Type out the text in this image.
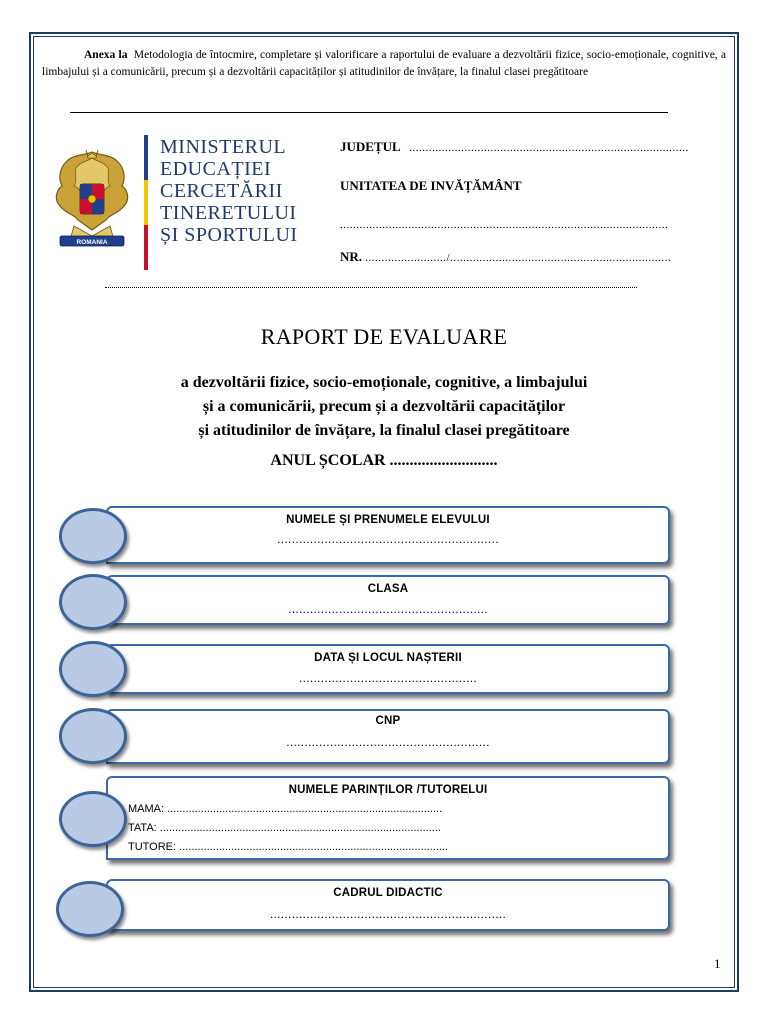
Anexa la Metodologia de întocmire, completare și valorificare a raportului de evaluare a dezvoltării fizice, socio-emoționale, cognitive, a limbajului și a comunicării, precum și a dezvoltării capacităților și atitudinilor de învățare, la finalul clasei pregătitoare
ROMANIA
MINISTERUL
EDUCAȚIEI
CERCETĂRII
TINERETULUI
ȘI SPORTULUI
JUDEȚUL ......................................................................................
UNITATEA DE INVĂȚĂMÂNT
.....................................................................................................
NR. ........................./....................................................................
RAPORT DE EVALUARE
a dezvoltării fizice, socio-emoționale, cognitive, a limbajului
și a comunicării, precum și a dezvoltării capacităților
și atitudinilor de învățare, la finalul clasei pregătitoare
ANUL ȘCOLAR ...........................
NUMELE ȘI PRENUMELE ELEVULUI
.............................................................
CLASA
.......................................................
DATA ȘI LOCUL NAȘTERII
.................................................
CNP
........................................................
NUMELE PARINȚILOR /TUTORELUI
MAMA: ..........................................................................................
TATA: ............................................................................................
TUTORE: ........................................................................................
CADRUL DIDACTIC
.................................................................
1
